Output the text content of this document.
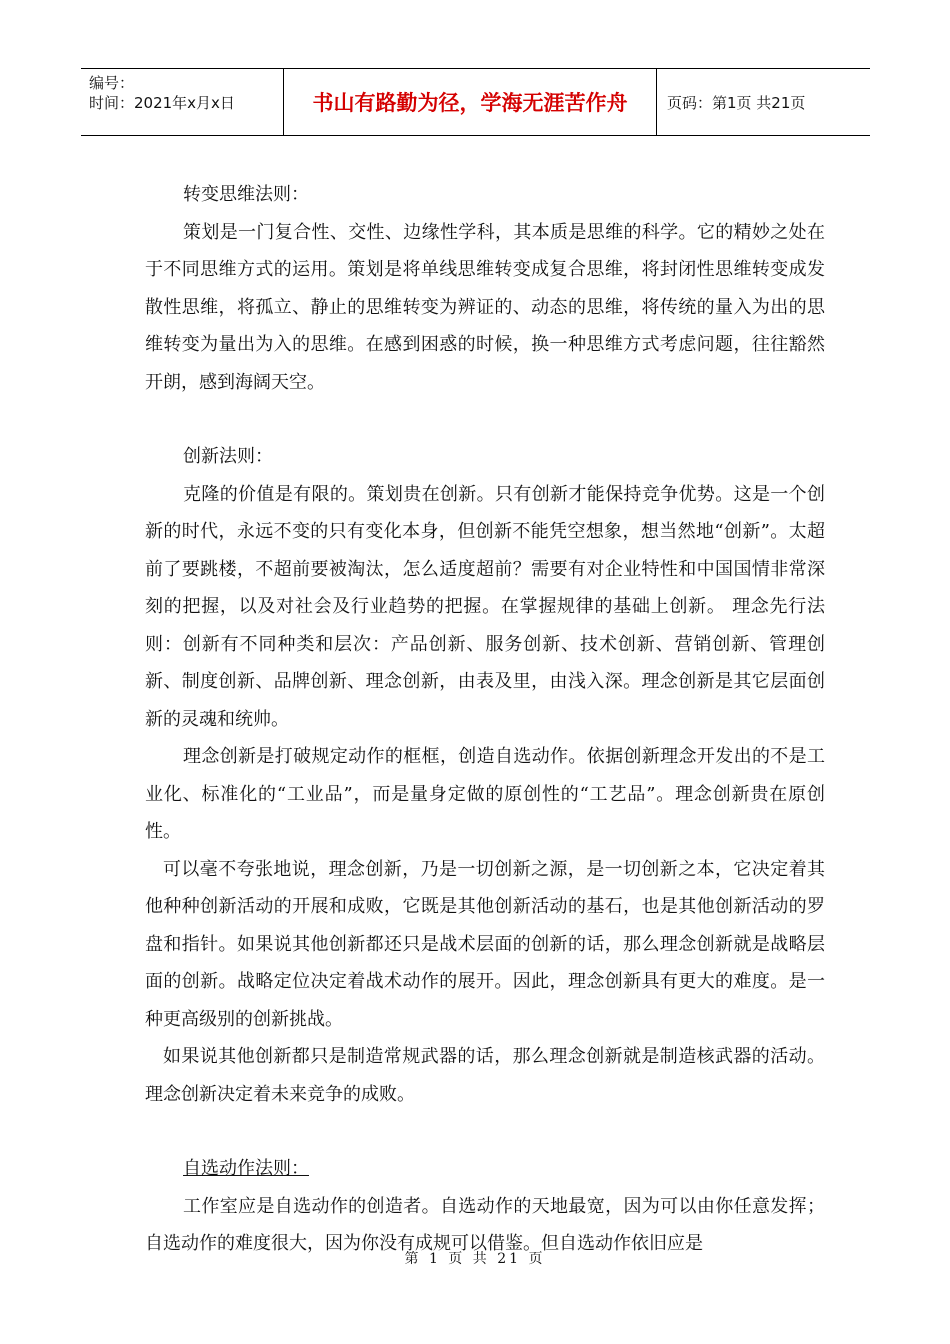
编号：
时间：2021年x月x日	书山有路勤为径，学海无涯苦作舟	页码：第1页 共21页

转变思维法则：

策划是一门复合性、交性、边缘性学科，其本质是思维的科学。它的精妙之处在于不同思维方式的运用。策划是将单线思维转变成复合思维，将封闭性思维转变成发散性思维，将孤立、静止的思维转变为辨证的、动态的思维，将传统的量入为出的思维转变为量出为入的思维。在感到困惑的时候，换一种思维方式考虑问题，往往豁然开朗，感到海阔天空。

创新法则：

克隆的价值是有限的。策划贵在创新。只有创新才能保持竞争优势。这是一个创新的时代，永远不变的只有变化本身，但创新不能凭空想象，想当然地“创新”。太超前了要跳楼，不超前要被淘汰，怎么适度超前？需要有对企业特性和中国国情非常深刻的把握，以及对社会及行业趋势的把握。在掌握规律的基础上创新。 理念先行法则：创新有不同种类和层次：产品创新、服务创新、技术创新、营销创新、管理创新、制度创新、品牌创新、理念创新，由表及里，由浅入深。理念创新是其它层面创新的灵魂和统帅。

理念创新是打破规定动作的框框，创造自选动作。依据创新理念开发出的不是工业化、标准化的“工业品”，而是量身定做的原创性的“工艺品”。理念创新贵在原创性。

可以毫不夸张地说，理念创新，乃是一切创新之源，是一切创新之本，它决定着其他种种创新活动的开展和成败，它既是其他创新活动的基石，也是其他创新活动的罗盘和指针。如果说其他创新都还只是战术层面的创新的话，那么理念创新就是战略层面的创新。战略定位决定着战术动作的展开。因此，理念创新具有更大的难度。是一种更高级别的创新挑战。

如果说其他创新都只是制造常规武器的话，那么理念创新就是制造核武器的活动。理念创新决定着未来竞争的成败。

自选动作法则：

工作室应是自选动作的创造者。自选动作的天地最宽，因为可以由你任意发挥；自选动作的难度很大，因为你没有成规可以借鉴。但自选动作依旧应是

第 1 页 共 21 页
